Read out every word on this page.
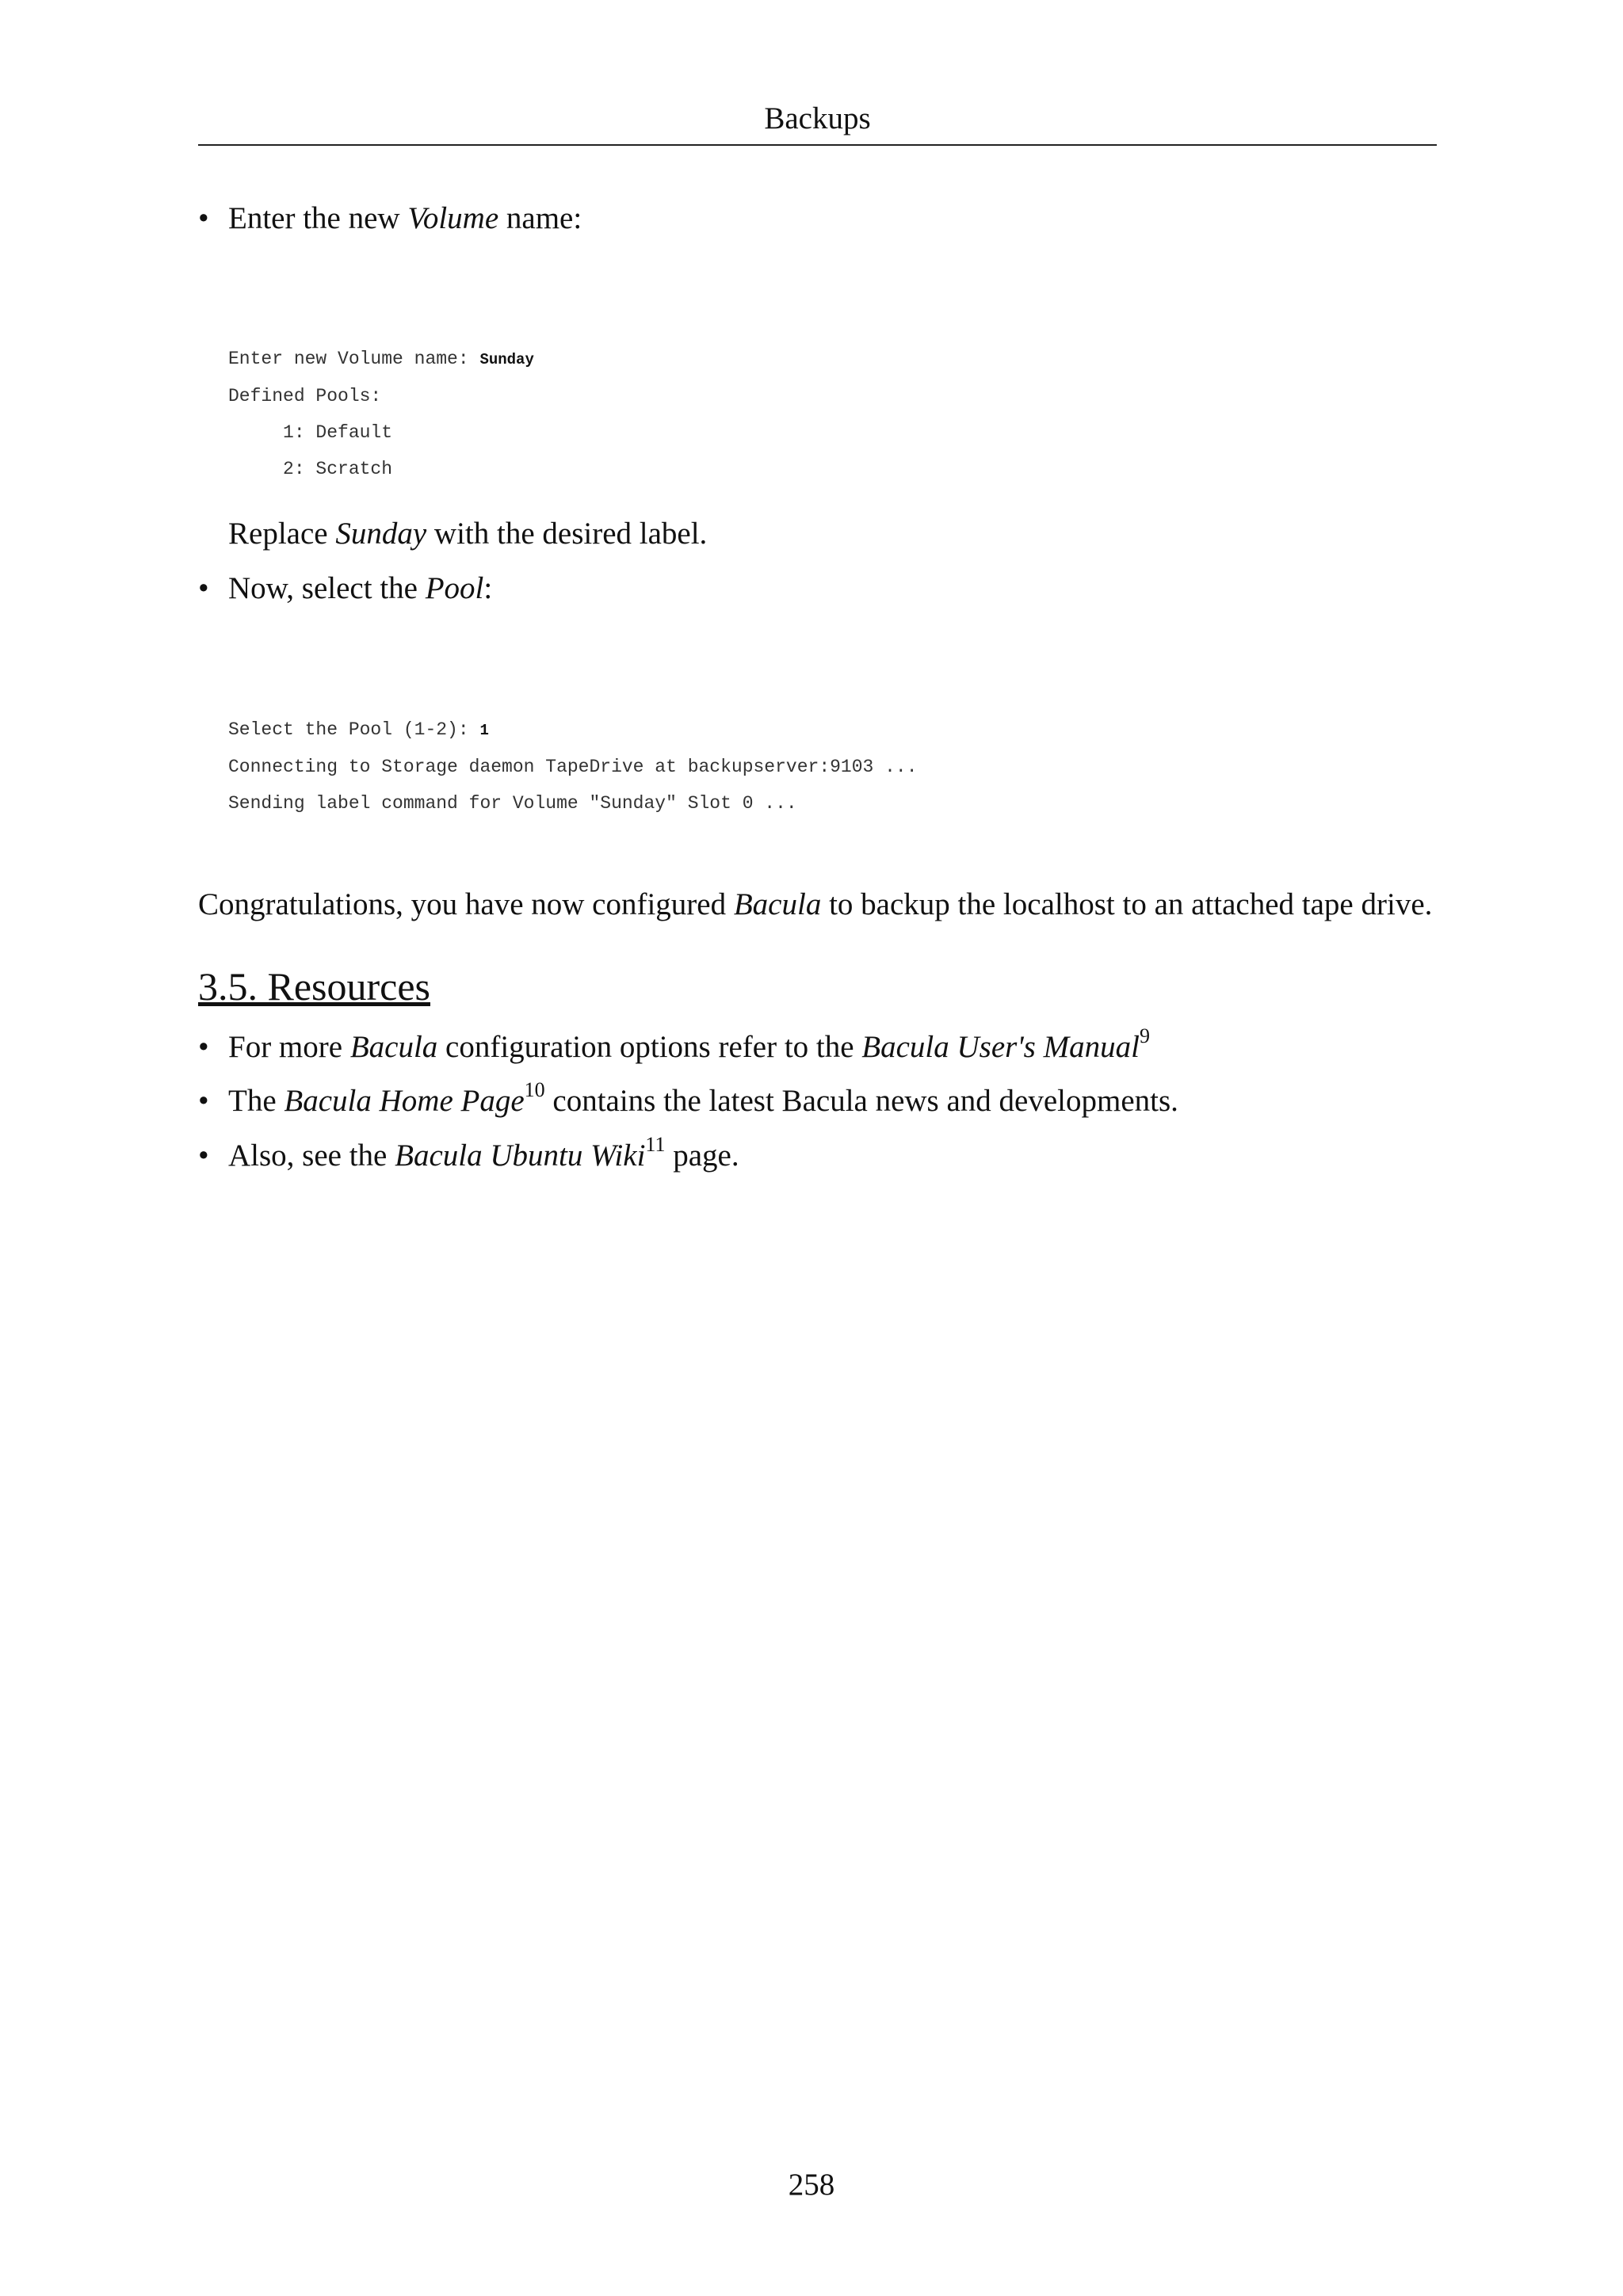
Backups
• Enter the new Volume name:
Enter new Volume name: Sunday
Defined Pools:
1: Default
2: Scratch
Replace Sunday with the desired label.
• Now, select the Pool:
Select the Pool (1-2): 1
Connecting to Storage daemon TapeDrive at backupserver:9103 ...
Sending label command for Volume "Sunday" Slot 0 ...
Congratulations, you have now configured Bacula to backup the localhost to an attached tape drive.
3.5. Resources
• For more Bacula configuration options refer to the Bacula User's Manual$^9$
• The Bacula Home Page$^{10}$ contains the latest Bacula news and developments.
• Also, see the Bacula Ubuntu Wiki$^{11}$ page.
258
